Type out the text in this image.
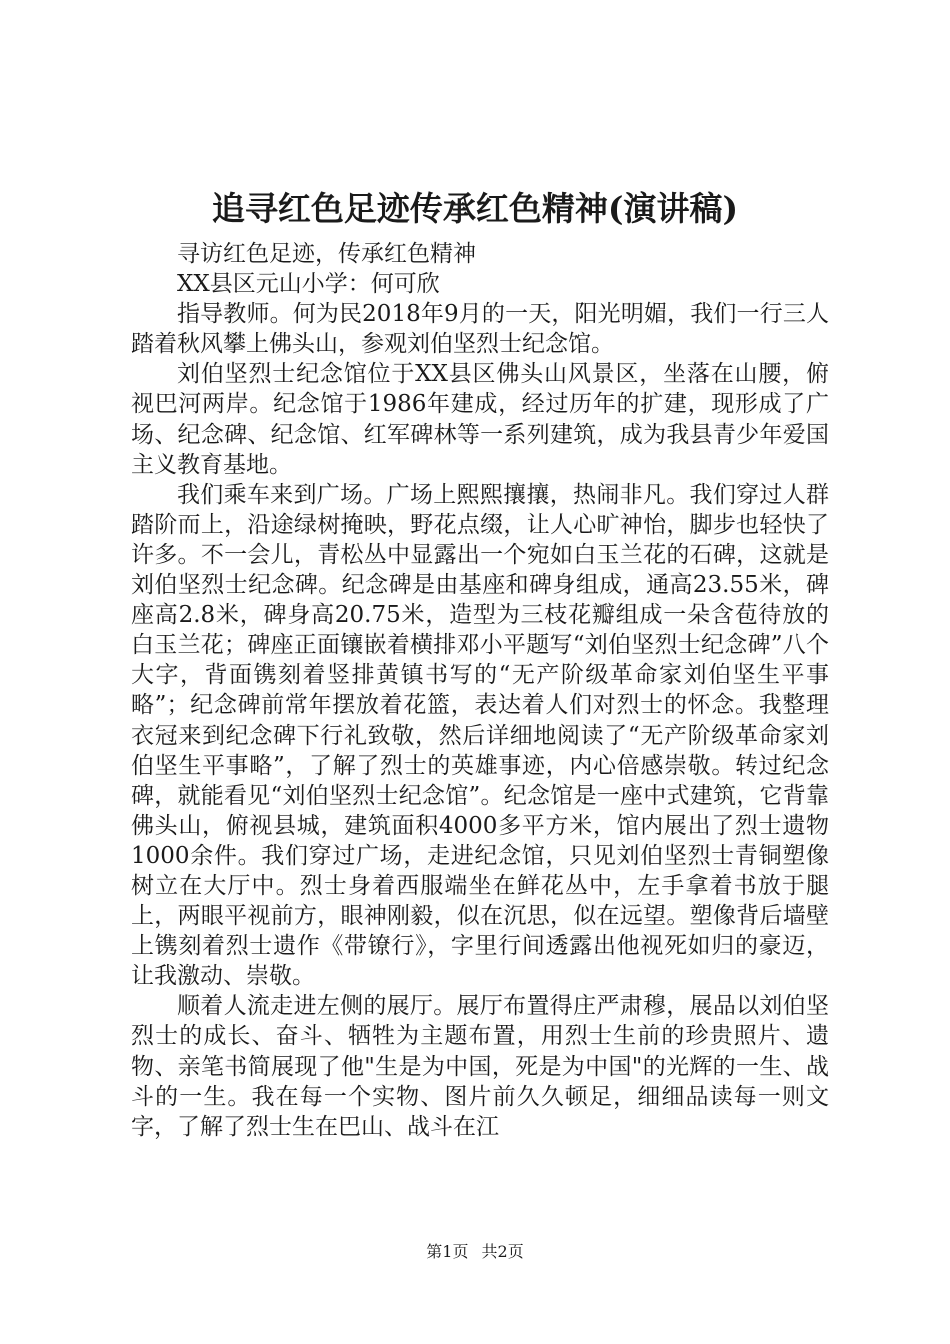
追寻红色足迹传承红色精神(演讲稿)

寻访红色足迹，传承红色精神

XX县区元山小学：何可欣

指导教师。何为民2018年9月的一天，阳光明媚，我们一行三人踏着秋风攀上佛头山，参观刘伯坚烈士纪念馆。

刘伯坚烈士纪念馆位于XX县区佛头山风景区，坐落在山腰，俯视巴河两岸。纪念馆于1986年建成，经过历年的扩建，现形成了广场、纪念碑、纪念馆、红军碑林等一系列建筑，成为我县青少年爱国主义教育基地。

我们乘车来到广场。广场上熙熙攘攘，热闹非凡。我们穿过人群踏阶而上，沿途绿树掩映，野花点缀，让人心旷神怡，脚步也轻快了许多。不一会儿，青松丛中显露出一个宛如白玉兰花的石碑，这就是刘伯坚烈士纪念碑。纪念碑是由基座和碑身组成，通高23.55米，碑座高2.8米，碑身高20.75米，造型为三枝花瓣组成一朵含苞待放的白玉兰花；碑座正面镶嵌着横排邓小平题写“刘伯坚烈士纪念碑”八个大字，背面镌刻着竖排黄镇书写的“无产阶级革命家刘伯坚生平事略”；纪念碑前常年摆放着花篮，表达着人们对烈士的怀念。我整理衣冠来到纪念碑下行礼致敬，然后详细地阅读了“无产阶级革命家刘伯坚生平事略”，了解了烈士的英雄事迹，内心倍感崇敬。转过纪念碑，就能看见“刘伯坚烈士纪念馆”。纪念馆是一座中式建筑，它背靠佛头山，俯视县城，建筑面积4000多平方米，馆内展出了烈士遗物1000余件。我们穿过广场，走进纪念馆，只见刘伯坚烈士青铜塑像树立在大厅中。烈士身着西服端坐在鲜花丛中，左手拿着书放于腿上，两眼平视前方，眼神刚毅，似在沉思，似在远望。塑像背后墙壁上镌刻着烈士遗作《带镣行》，字里行间透露出他视死如归的豪迈，让我激动、崇敬。

顺着人流走进左侧的展厅。展厅布置得庄严肃穆，展品以刘伯坚烈士的成长、奋斗、牺牲为主题布置，用烈士生前的珍贵照片、遗物、亲笔书简展现了他"生是为中国，死是为中国"的光辉的一生、战斗的一生。我在每一个实物、图片前久久顿足，细细品读每一则文字，了解了烈士生在巴山、战斗在江

第1页 共2页
